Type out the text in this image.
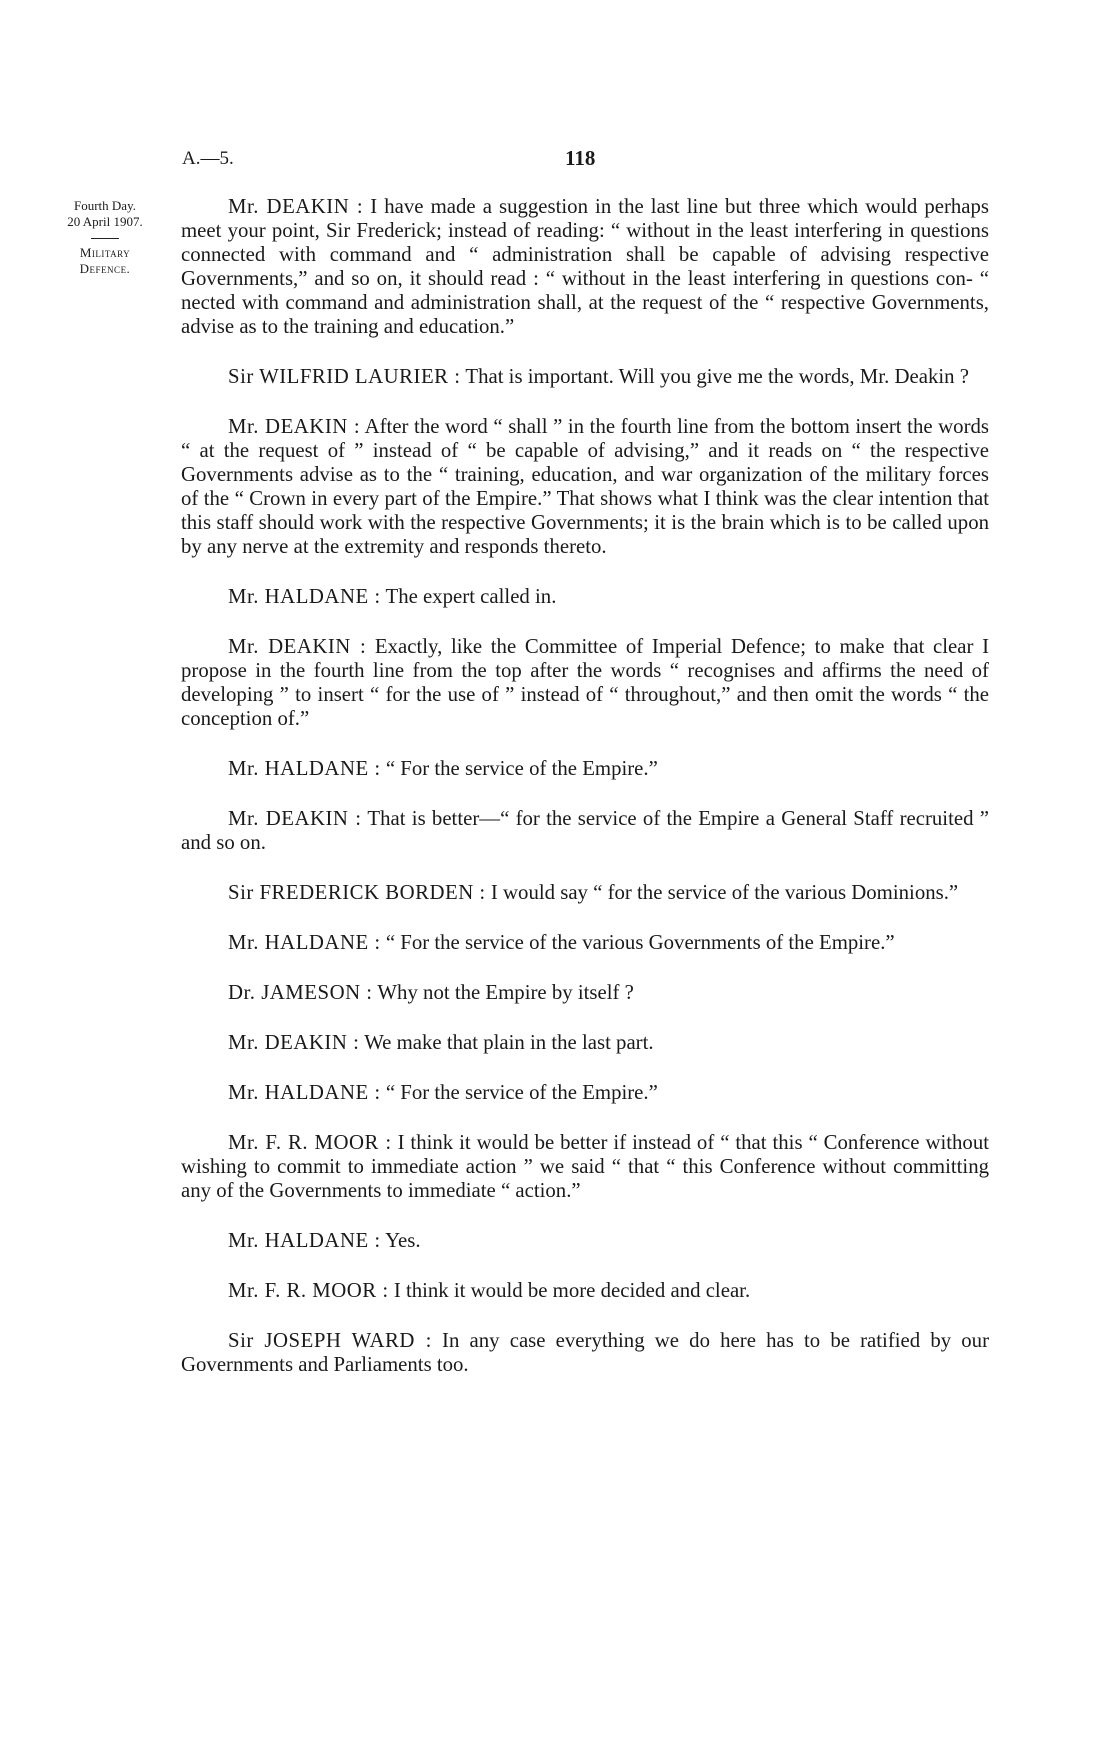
A.—5.	118
Fourth Day.
20 April 1907.
Military
Defence.

Mr. DEAKIN : I have made a suggestion in the last line but three which would perhaps meet your point, Sir Frederick; instead of reading: “ without in the least interfering in questions connected with command and “ administration shall be capable of advising respective Governments,” and so on, it should read : “ without in the least interfering in questions con- “ nected with command and administration shall, at the request of the “ respective Governments, advise as to the training and education.”

Sir WILFRID LAURIER : That is important. Will you give me the words, Mr. Deakin ?

Mr. DEAKIN : After the word “ shall ” in the fourth line from the bottom insert the words “ at the request of ” instead of “ be capable of advising,” and it reads on “ the respective Governments advise as to the “ training, education, and war organization of the military forces of the “ Crown in every part of the Empire.” That shows what I think was the clear intention that this staff should work with the respective Governments; it is the brain which is to be called upon by any nerve at the extremity and responds thereto.

Mr. HALDANE : The expert called in.

Mr. DEAKIN : Exactly, like the Committee of Imperial Defence; to make that clear I propose in the fourth line from the top after the words “ recognises and affirms the need of developing ” to insert “ for the use of ” instead of “ throughout,” and then omit the words “ the conception of.”

Mr. HALDANE : “ For the service of the Empire.”

Mr. DEAKIN : That is better—“ for the service of the Empire a General Staff recruited ” and so on.

Sir FREDERICK BORDEN : I would say “ for the service of the various Dominions.”

Mr. HALDANE : “ For the service of the various Governments of the Empire.”

Dr. JAMESON : Why not the Empire by itself ?

Mr. DEAKIN : We make that plain in the last part.

Mr. HALDANE : “ For the service of the Empire.”

Mr. F. R. MOOR : I think it would be better if instead of “ that this “ Conference without wishing to commit to immediate action ” we said “ that “ this Conference without committing any of the Governments to immediate “ action.”

Mr. HALDANE : Yes.

Mr. F. R. MOOR : I think it would be more decided and clear.

Sir JOSEPH WARD : In any case everything we do here has to be ratified by our Governments and Parliaments too.
